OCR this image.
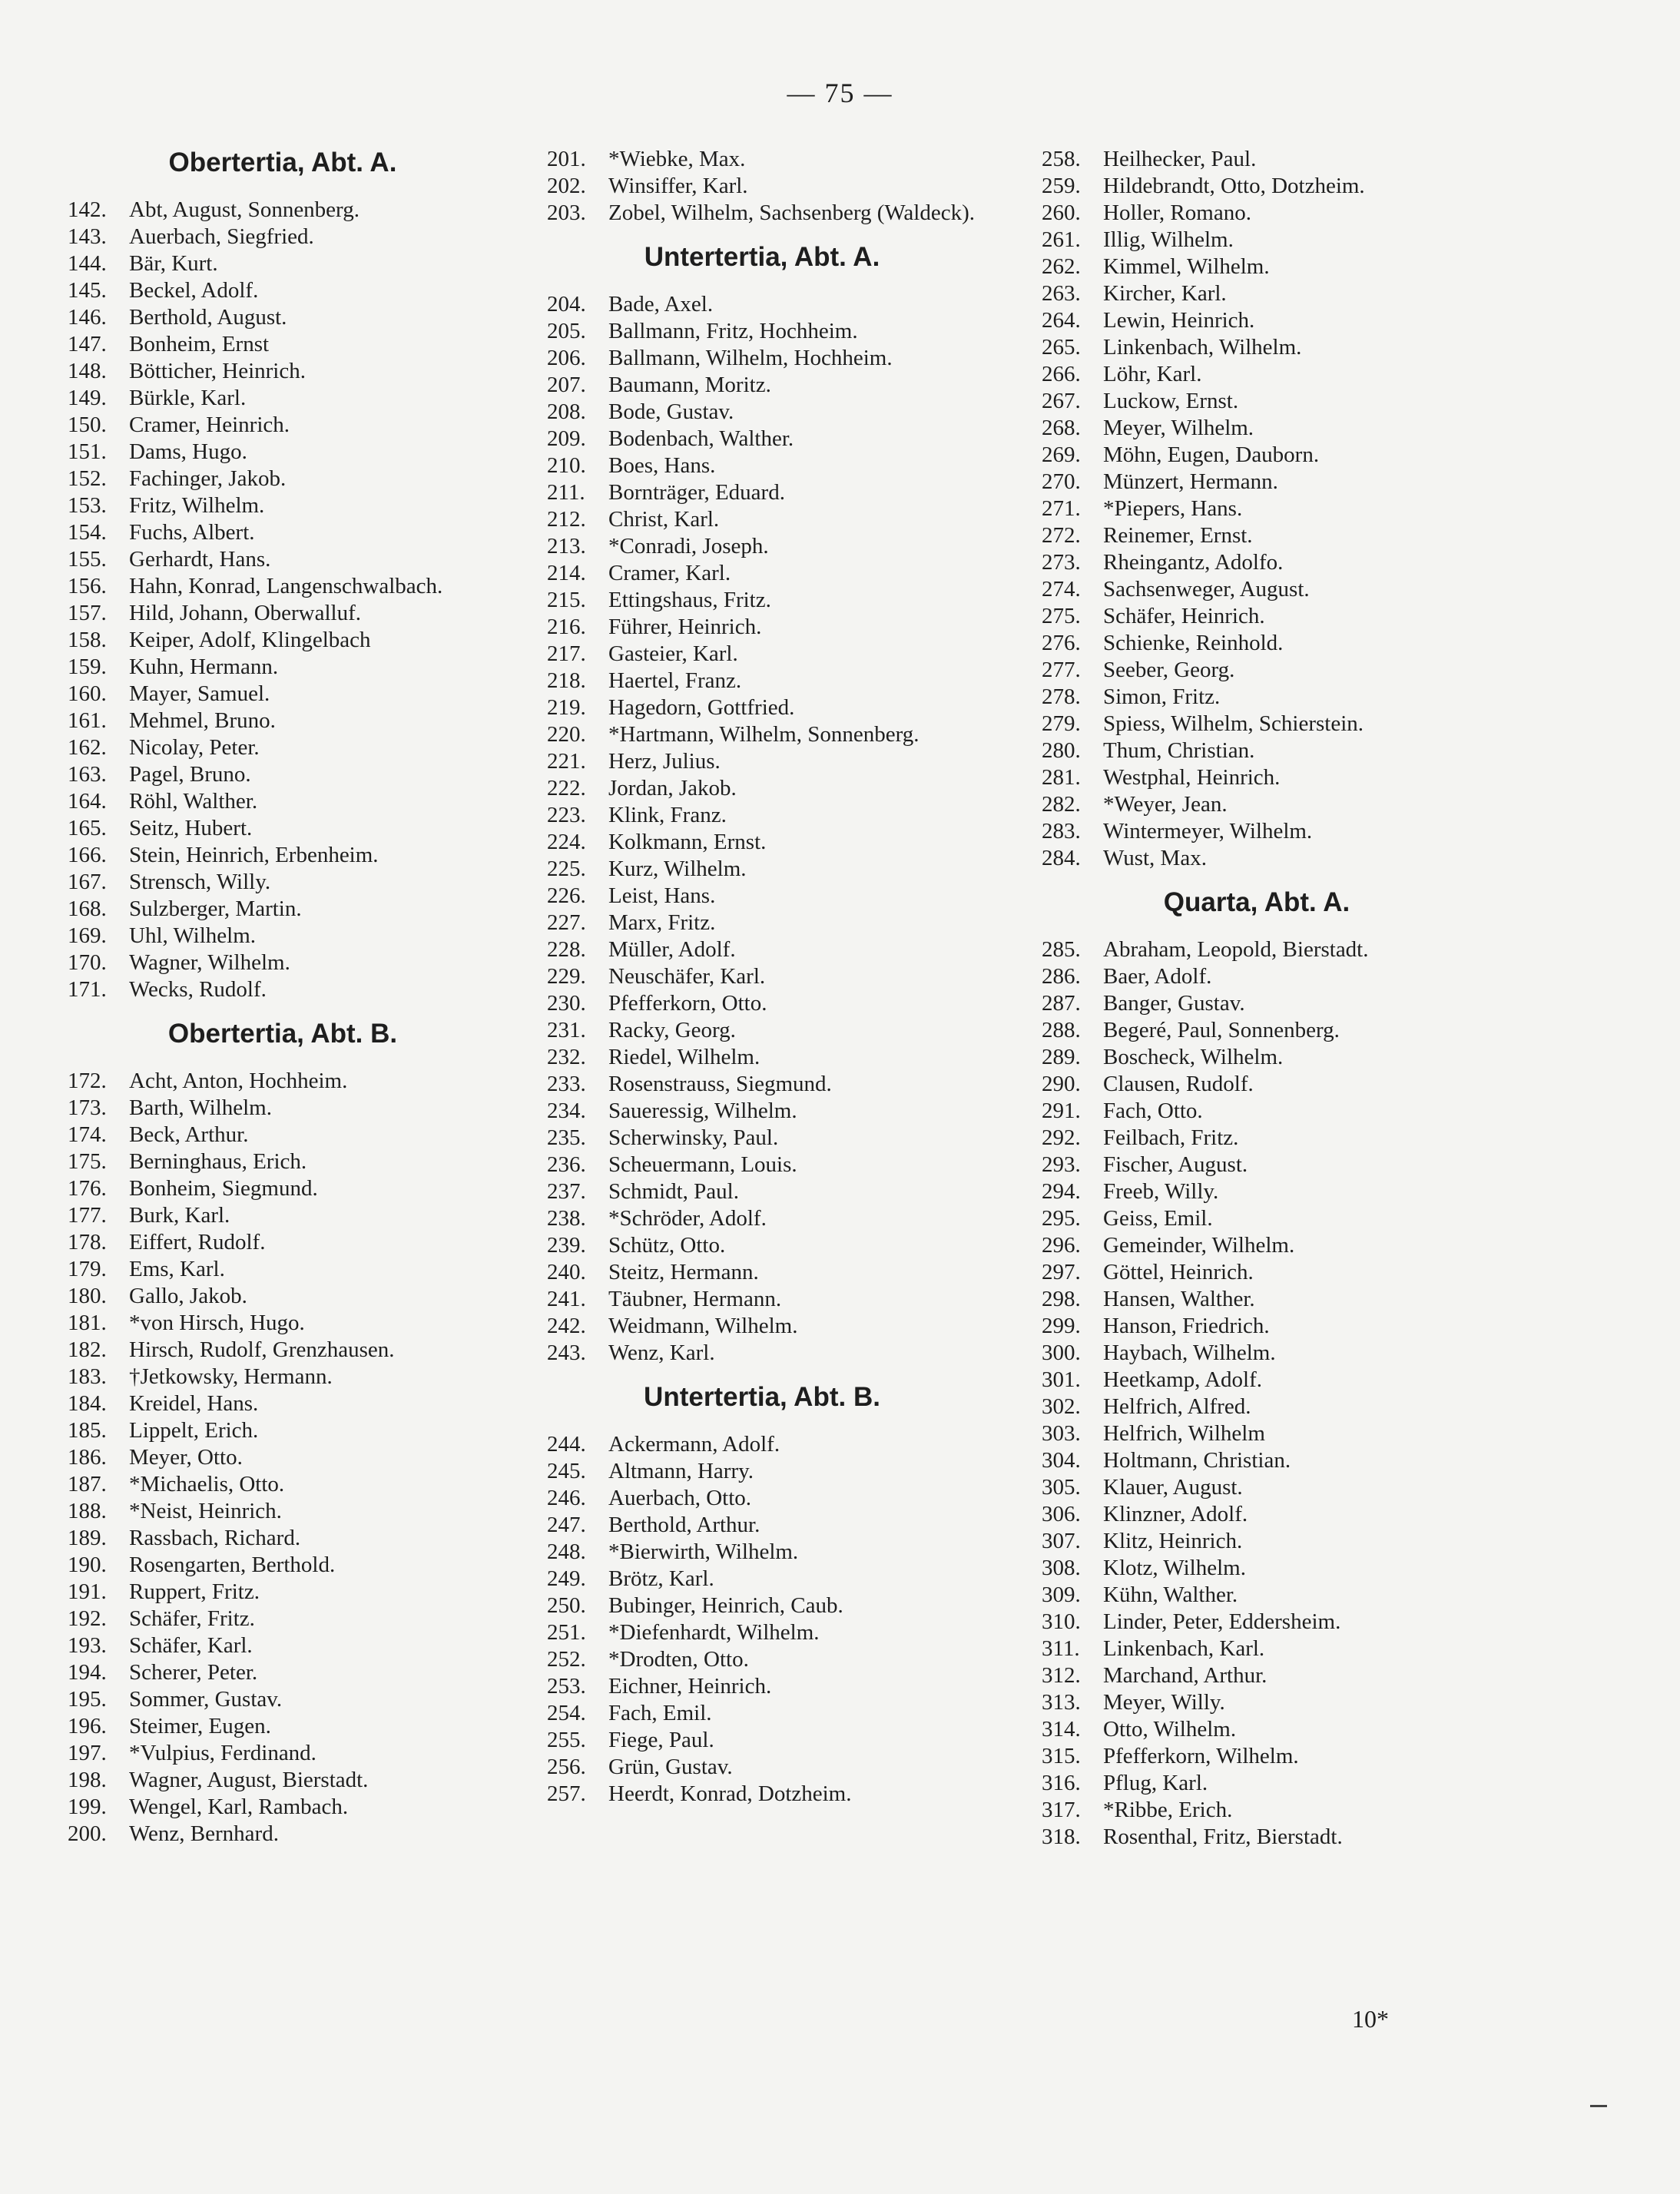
— 75 —
Obertertia, Abt. A.
142.	Abt, August, Sonnenberg.
143.	Auerbach, Siegfried.
144.	Bär, Kurt.
145.	Beckel, Adolf.
146.	Berthold, August.
147.	Bonheim, Ernst
148.	Bötticher, Heinrich.
149.	Bürkle, Karl.
150.	Cramer, Heinrich.
151.	Dams, Hugo.
152.	Fachinger, Jakob.
153.	Fritz, Wilhelm.
154.	Fuchs, Albert.
155.	Gerhardt, Hans.
156.	Hahn, Konrad, Langenschwalbach.
157.	Hild, Johann, Oberwalluf.
158.	Keiper, Adolf, Klingelbach
159.	Kuhn, Hermann.
160.	Mayer, Samuel.
161.	Mehmel, Bruno.
162.	Nicolay, Peter.
163.	Pagel, Bruno.
164.	Röhl, Walther.
165.	Seitz, Hubert.
166.	Stein, Heinrich, Erbenheim.
167.	Strensch, Willy.
168.	Sulzberger, Martin.
169.	Uhl, Wilhelm.
170.	Wagner, Wilhelm.
171.	Wecks, Rudolf.
Obertertia, Abt. B.
172.	Acht, Anton, Hochheim.
173.	Barth, Wilhelm.
174.	Beck, Arthur.
175.	Berninghaus, Erich.
176.	Bonheim, Siegmund.
177.	Burk, Karl.
178.	Eiffert, Rudolf.
179.	Ems, Karl.
180.	Gallo, Jakob.
181.	*von Hirsch, Hugo.
182.	Hirsch, Rudolf, Grenzhausen.
183.	†Jetkowsky, Hermann.
184.	Kreidel, Hans.
185.	Lippelt, Erich.
186.	Meyer, Otto.
187.	*Michaelis, Otto.
188.	*Neist, Heinrich.
189.	Rassbach, Richard.
190.	Rosengarten, Berthold.
191.	Ruppert, Fritz.
192.	Schäfer, Fritz.
193.	Schäfer, Karl.
194.	Scherer, Peter.
195.	Sommer, Gustav.
196.	Steimer, Eugen.
197.	*Vulpius, Ferdinand.
198.	Wagner, August, Bierstadt.
199.	Wengel, Karl, Rambach.
200.	Wenz, Bernhard.
201.	*Wiebke, Max.
202.	Winsiffer, Karl.
203.	Zobel, Wilhelm, Sachsenberg (Waldeck).
Untertertia, Abt. A.
204.	Bade, Axel.
205.	Ballmann, Fritz, Hochheim.
206.	Ballmann, Wilhelm, Hochheim.
207.	Baumann, Moritz.
208.	Bode, Gustav.
209.	Bodenbach, Walther.
210.	Boes, Hans.
211.	Bornträger, Eduard.
212.	Christ, Karl.
213.	*Conradi, Joseph.
214.	Cramer, Karl.
215.	Ettingshaus, Fritz.
216.	Führer, Heinrich.
217.	Gasteier, Karl.
218.	Haertel, Franz.
219.	Hagedorn, Gottfried.
220.	*Hartmann, Wilhelm, Sonnenberg.
221.	Herz, Julius.
222.	Jordan, Jakob.
223.	Klink, Franz.
224.	Kolkmann, Ernst.
225.	Kurz, Wilhelm.
226.	Leist, Hans.
227.	Marx, Fritz.
228.	Müller, Adolf.
229.	Neuschäfer, Karl.
230.	Pfefferkorn, Otto.
231.	Racky, Georg.
232.	Riedel, Wilhelm.
233.	Rosenstrauss, Siegmund.
234.	Saueressig, Wilhelm.
235.	Scherwinsky, Paul.
236.	Scheuermann, Louis.
237.	Schmidt, Paul.
238.	*Schröder, Adolf.
239.	Schütz, Otto.
240.	Steitz, Hermann.
241.	Täubner, Hermann.
242.	Weidmann, Wilhelm.
243.	Wenz, Karl.
Untertertia, Abt. B.
244.	Ackermann, Adolf.
245.	Altmann, Harry.
246.	Auerbach, Otto.
247.	Berthold, Arthur.
248.	*Bierwirth, Wilhelm.
249.	Brötz, Karl.
250.	Bubinger, Heinrich, Caub.
251.	*Diefenhardt, Wilhelm.
252.	*Drodten, Otto.
253.	Eichner, Heinrich.
254.	Fach, Emil.
255.	Fiege, Paul.
256.	Grün, Gustav.
257.	Heerdt, Konrad, Dotzheim.
258.	Heilhecker, Paul.
259.	Hildebrandt, Otto, Dotzheim.
260.	Holler, Romano.
261.	Illig, Wilhelm.
262.	Kimmel, Wilhelm.
263.	Kircher, Karl.
264.	Lewin, Heinrich.
265.	Linkenbach, Wilhelm.
266.	Löhr, Karl.
267.	Luckow, Ernst.
268.	Meyer, Wilhelm.
269.	Möhn, Eugen, Dauborn.
270.	Münzert, Hermann.
271.	*Piepers, Hans.
272.	Reinemer, Ernst.
273.	Rheingantz, Adolfo.
274.	Sachsenweger, August.
275.	Schäfer, Heinrich.
276.	Schienke, Reinhold.
277.	Seeber, Georg.
278.	Simon, Fritz.
279.	Spiess, Wilhelm, Schierstein.
280.	Thum, Christian.
281.	Westphal, Heinrich.
282.	*Weyer, Jean.
283.	Wintermeyer, Wilhelm.
284.	Wust, Max.
Quarta, Abt. A.
285.	Abraham, Leopold, Bierstadt.
286.	Baer, Adolf.
287.	Banger, Gustav.
288.	Begeré, Paul, Sonnenberg.
289.	Boscheck, Wilhelm.
290.	Clausen, Rudolf.
291.	Fach, Otto.
292.	Feilbach, Fritz.
293.	Fischer, August.
294.	Freeb, Willy.
295.	Geiss, Emil.
296.	Gemeinder, Wilhelm.
297.	Göttel, Heinrich.
298.	Hansen, Walther.
299.	Hanson, Friedrich.
300.	Haybach, Wilhelm.
301.	Heetkamp, Adolf.
302.	Helfrich, Alfred.
303.	Helfrich, Wilhelm
304.	Holtmann, Christian.
305.	Klauer, August.
306.	Klinzner, Adolf.
307.	Klitz, Heinrich.
308.	Klotz, Wilhelm.
309.	Kühn, Walther.
310.	Linder, Peter, Eddersheim.
311.	Linkenbach, Karl.
312.	Marchand, Arthur.
313.	Meyer, Willy.
314.	Otto, Wilhelm.
315.	Pfefferkorn, Wilhelm.
316.	Pflug, Karl.
317.	*Ribbe, Erich.
318.	Rosenthal, Fritz, Bierstadt.
10*
